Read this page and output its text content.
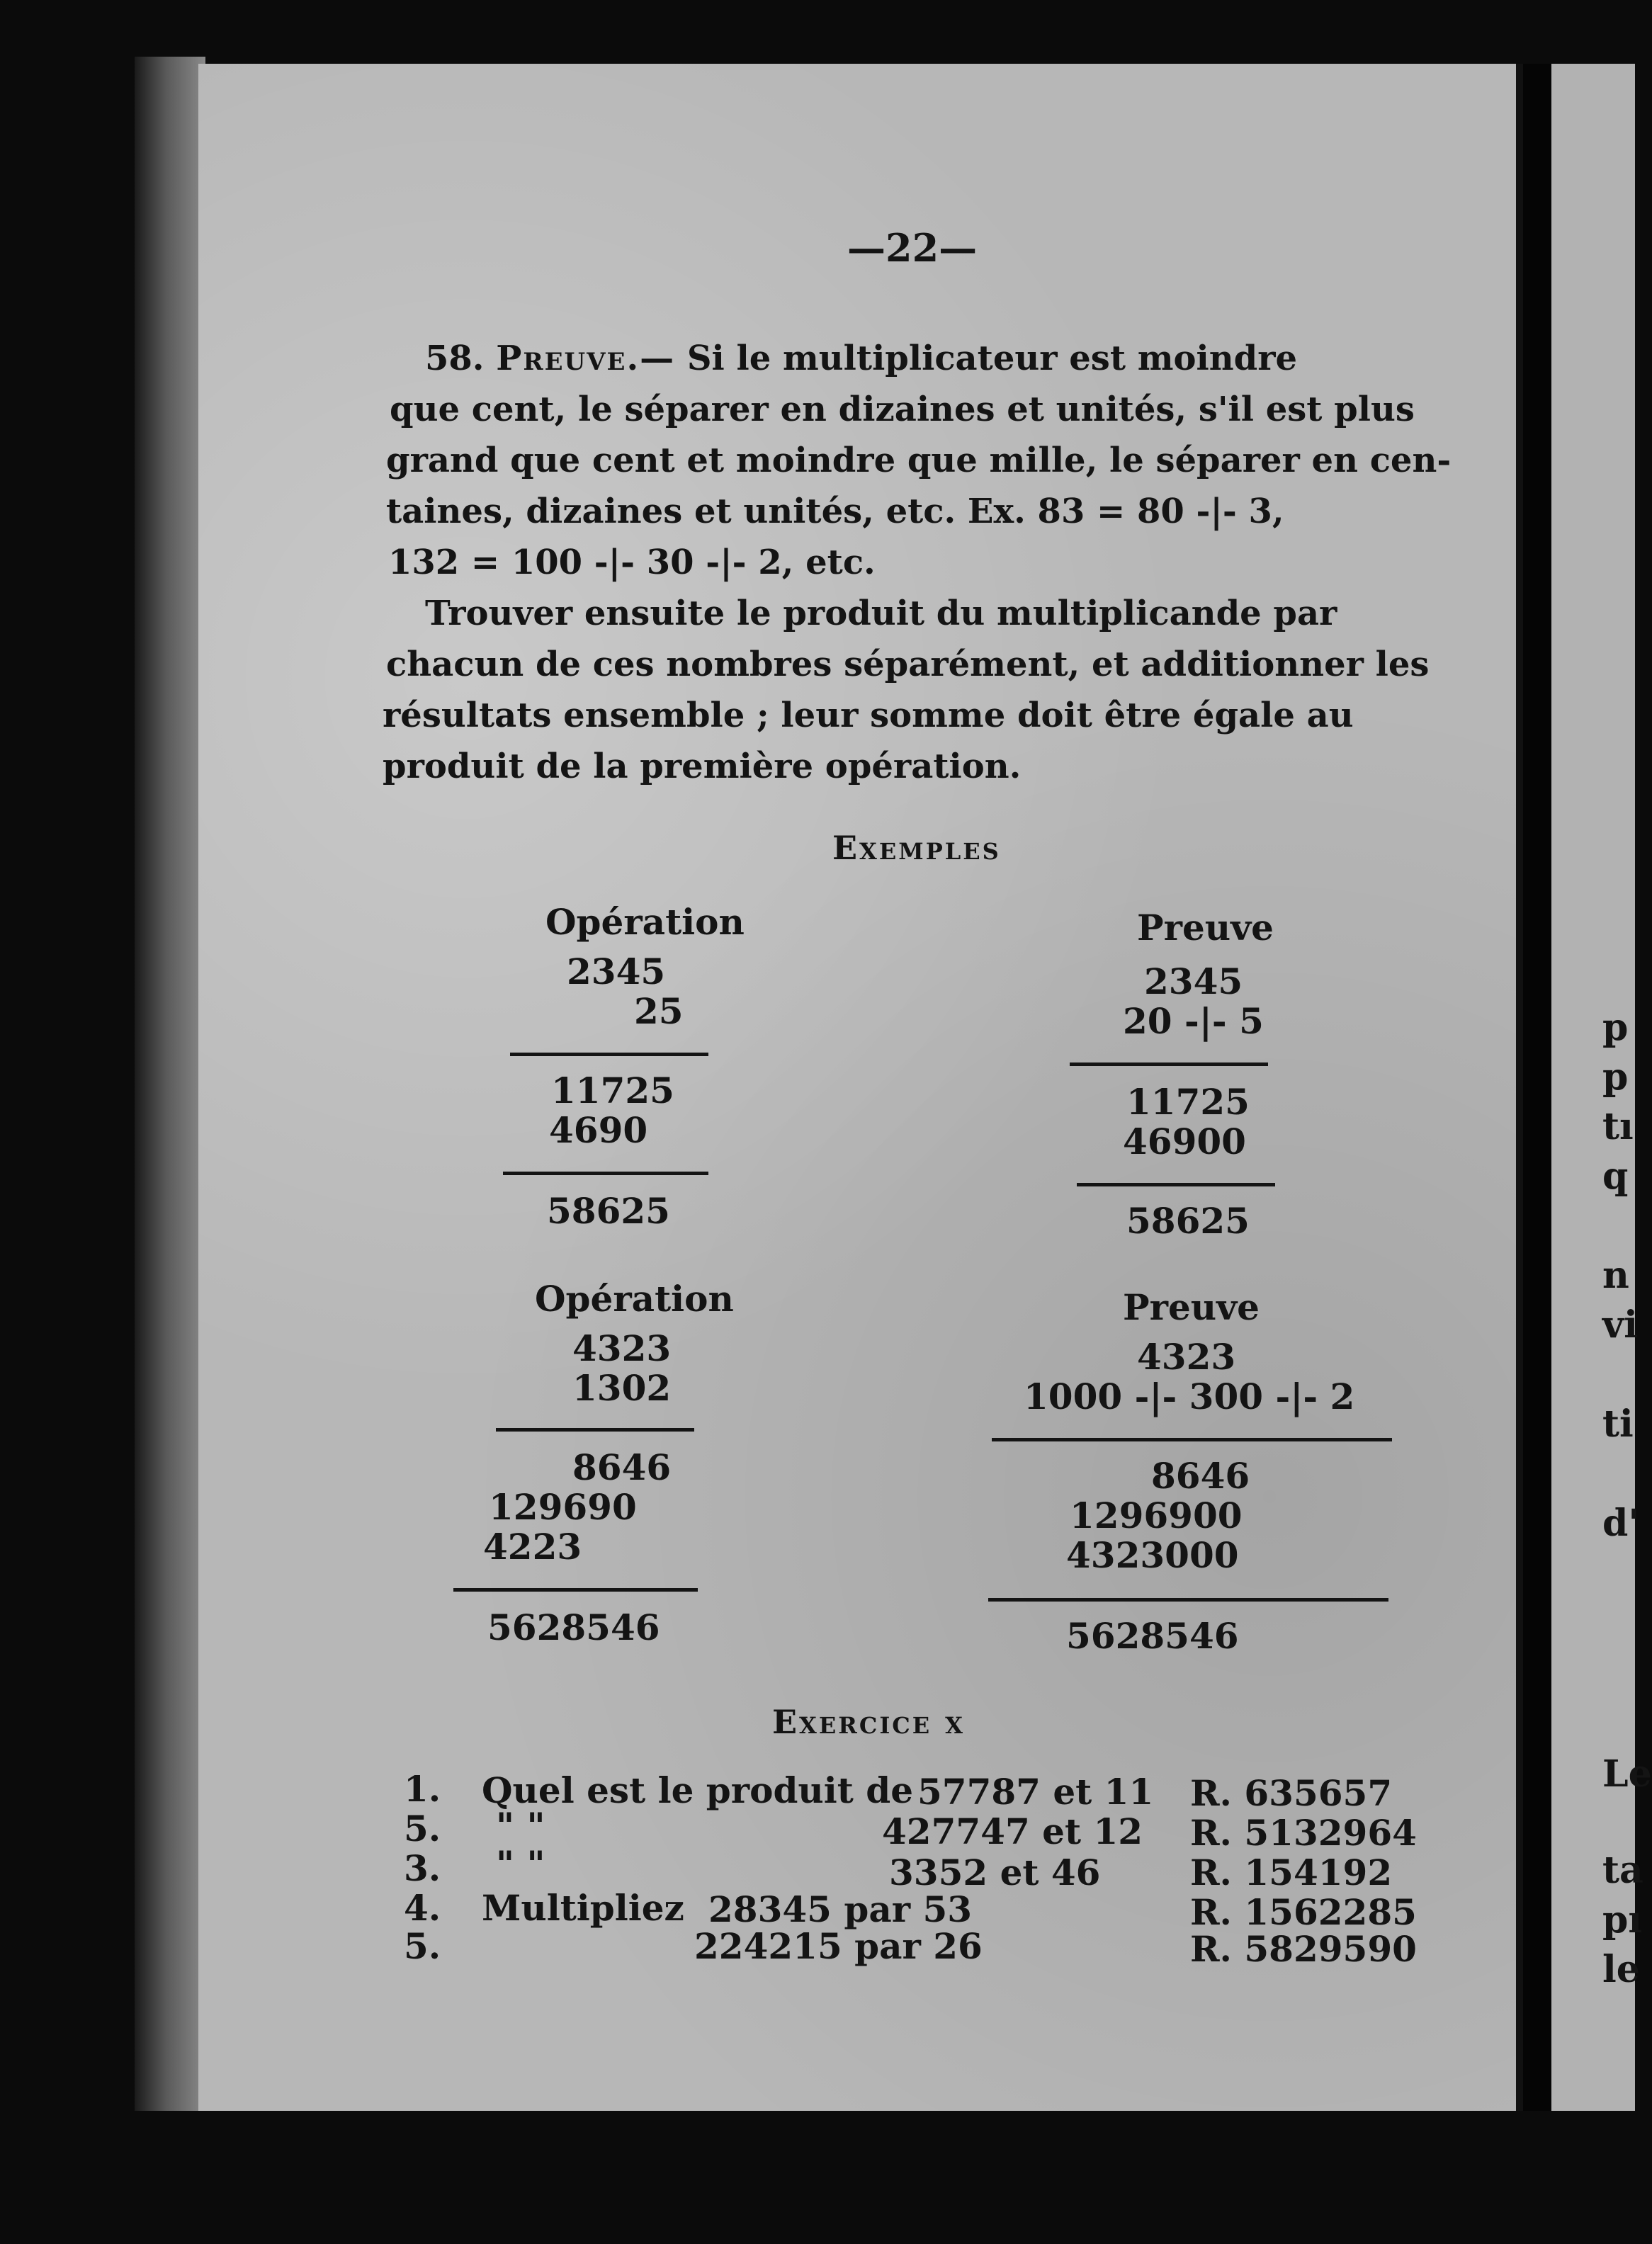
—22—
58. Preuve.— Si le multiplicateur est moindre
que cent, le séparer en dizaines et unités, s'il est plus
grand que cent et moindre que mille, le séparer en cen-
taines, dizaines et unités, etc. Ex. 83 = 80 -|- 3,
132 = 100 -|- 30 -|- 2, etc.
Trouver ensuite le produit du multiplicande par
chacun de ces nombres séparément, et additionner les
résultats ensemble ; leur somme doit être égale au
produit de la première opération.
Exemples
Opération
2345
25
11725
4690
58625
Preuve
2345
20 -|- 5
11725
46900
58625
Opération
4323
1302
8646
129690
4223
5628546
Preuve
4323
1000 -|- 300 -|- 2
8646
1296900
4323000
5628546
Exercice x
1. Quel est le produit de 57787 et 11 R. 635657
5. " "	427747 et 12 R. 5132964
3. " "	3352 et 46	R. 154192
4. Multipliez 28345 par 53	R. 1562285
5.	224215 par 26	R. 5829590
p
p
tı
q
n
vi
ti
d'
Le
ta
pı
le
